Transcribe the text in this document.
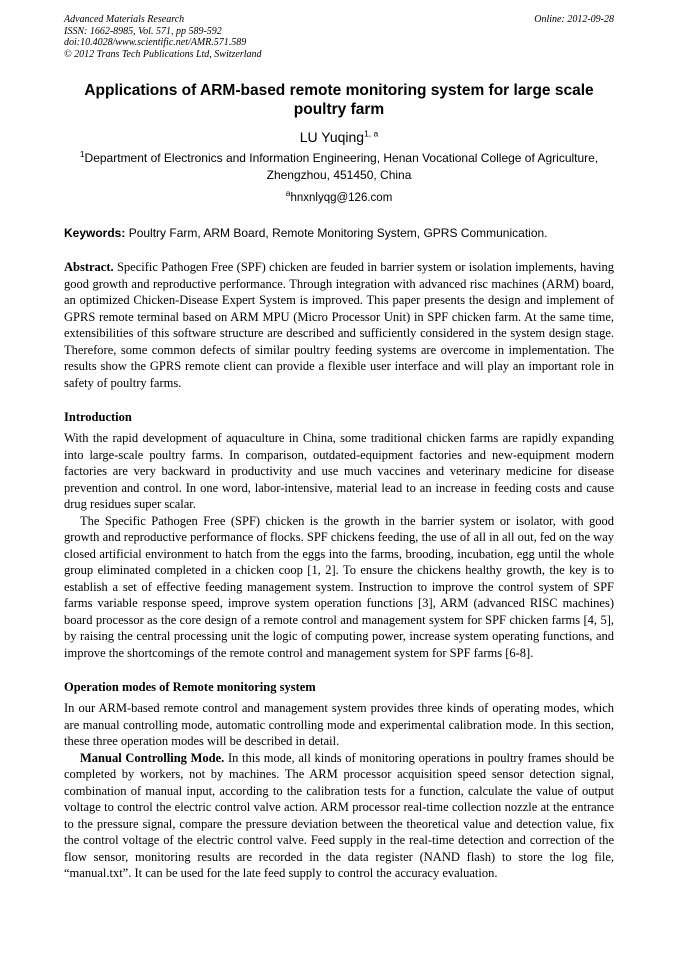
Advanced Materials Research
ISSN: 1662-8985, Vol. 571, pp 589-592
doi:10.4028/www.scientific.net/AMR.571.589
© 2012 Trans Tech Publications Ltd, Switzerland
Online: 2012-09-28
Applications of ARM-based remote monitoring system for large scale poultry farm
LU Yuqing$^{1, a}$
$^1$Department of Electronics and Information Engineering, Henan Vocational College of Agriculture, Zhengzhou, 451450, China
$^a$hnxnlyqg@126.com
Keywords: Poultry Farm, ARM Board, Remote Monitoring System, GPRS Communication.

Abstract. Specific Pathogen Free (SPF) chicken are feuded in barrier system or isolation implements, having good growth and reproductive performance. Through integration with advanced risc machines (ARM) board, an optimized Chicken-Disease Expert System is improved. This paper presents the design and implement of GPRS remote terminal based on ARM MPU (Micro Processor Unit) in SPF chicken farm. At the same time, extensibilities of this software structure are described and sufficiently considered in the system design stage. Therefore, some common defects of similar poultry feeding systems are overcome in implementation. The results show the GPRS remote client can provide a flexible user interface and will play an important role in safety of poultry farms.

Introduction

With the rapid development of aquaculture in China, some traditional chicken farms are rapidly expanding into large-scale poultry farms. In comparison, outdated-equipment factories and new-equipment modern factories are very backward in productivity and use much vaccines and veterinary medicine for disease prevention and control. In one word, labor-intensive, material lead to an increase in feeding costs and cause drug residues super scalar.

The Specific Pathogen Free (SPF) chicken is the growth in the barrier system or isolator, with good growth and reproductive performance of flocks. SPF chickens feeding, the use of all in all out, fed on the way closed artificial environment to hatch from the eggs into the farms, brooding, incubation, egg until the whole group eliminated completed in a chicken coop [1, 2]. To ensure the chickens healthy growth, the key is to establish a set of effective feeding management system. Instruction to improve the control system of SPF farms variable response speed, improve system operation functions [3], ARM (advanced RISC machines) board processor as the core design of a remote control and management system for SPF chicken farms [4, 5], by raising the central processing unit the logic of computing power, increase system operating functions, and improve the shortcomings of the remote control and management system for SPF farms [6-8].

Operation modes of Remote monitoring system

In our ARM-based remote control and management system provides three kinds of operating modes, which are manual controlling mode, automatic controlling mode and experimental calibration mode. In this section, these three operation modes will be described in detail.

Manual Controlling Mode. In this mode, all kinds of monitoring operations in poultry frames should be completed by workers, not by machines. The ARM processor acquisition speed sensor detection signal, combination of manual input, according to the calibration tests for a function, calculate the value of output voltage to control the electric control valve action. ARM processor real-time collection nozzle at the entrance to the pressure signal, compare the pressure deviation between the theoretical value and detection value, fix the control voltage of the electric control valve. Feed supply in the real-time detection and correction of the flow sensor, monitoring results are recorded in the data register (NAND flash) to store the log file, “manual.txt”. It can be used for the late feed supply to control the accuracy evaluation.
